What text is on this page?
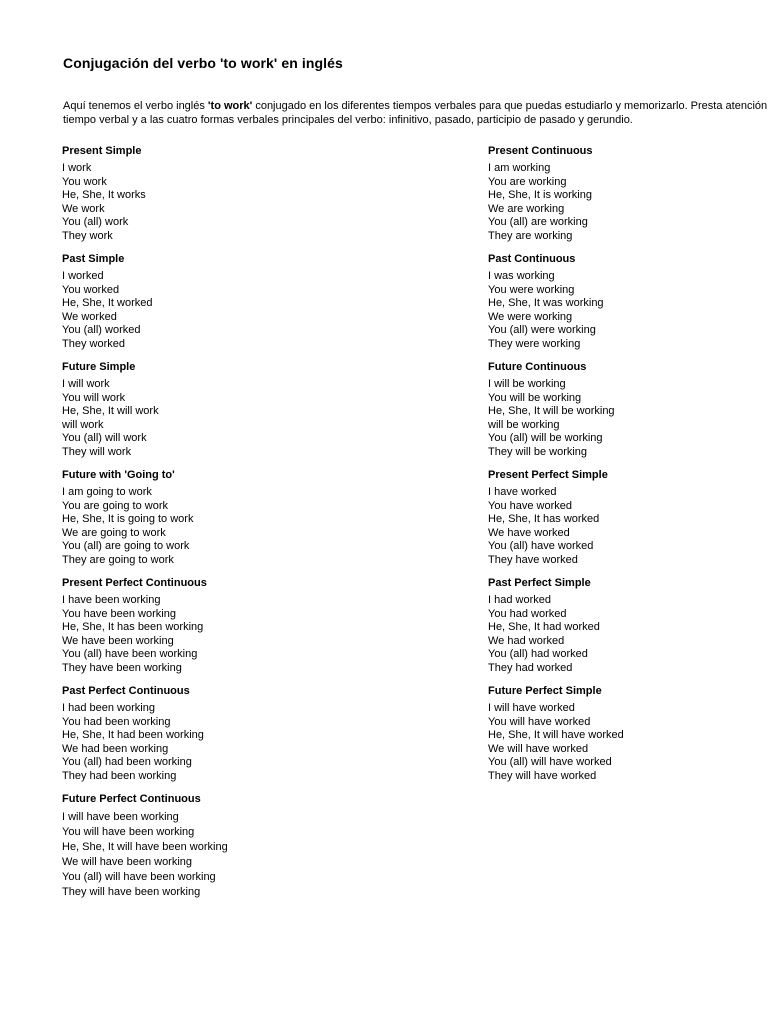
Conjugación del verbo 'to work' en inglés
Aquí tenemos el verbo inglés 'to work' conjugado en los diferentes tiempos verbales para que puedas estudiarlo y memorizarlo. Presta atención
tiempo verbal y a las cuatro formas verbales principales del verbo: infinitivo, pasado, participio de pasado y gerundio.
Present Simple
I work
You work
He, She, It works
We work
You (all) work
They work
Past Simple
I worked
You worked
He, She, It worked
We worked
You (all) worked
They worked
Future Simple
I will work
You will work
He, She, It will work
will work
You (all) will work
They will work
Future with 'Going to'
I am going to work
You are going to work
He, She, It is going to work
We are going to work
You (all) are going to work
They are going to work
Present Perfect Continuous
I have been working
You have been working
He, She, It has been working
We have been working
You (all) have been working
They have been working
Past Perfect Continuous
I had been working
You had been working
He, She, It had been working
We had been working
You (all) had been working
They had been working
Future Perfect Continuous
I will have been working
You will have been working
He, She, It will have been working
We will have been working
You (all) will have been working
They will have been working
Present Continuous
I am working
You are working
He, She, It is working
We are working
You (all) are working
They are working
Past Continuous
I was working
You were working
He, She, It was working
We were working
You (all) were working
They were working
Future Continuous
I will be working
You will be working
He, She, It will be working
will be working
You (all) will be working
They will be working
Present Perfect Simple
I have worked
You have worked
He, She, It has worked
We have worked
You (all) have worked
They have worked
Past Perfect Simple
I had worked
You had worked
He, She, It had worked
We had worked
You (all) had worked
They had worked
Future Perfect Simple
I will have worked
You will have worked
He, She, It will have worked
We will have worked
You (all) will have worked
They will have worked
